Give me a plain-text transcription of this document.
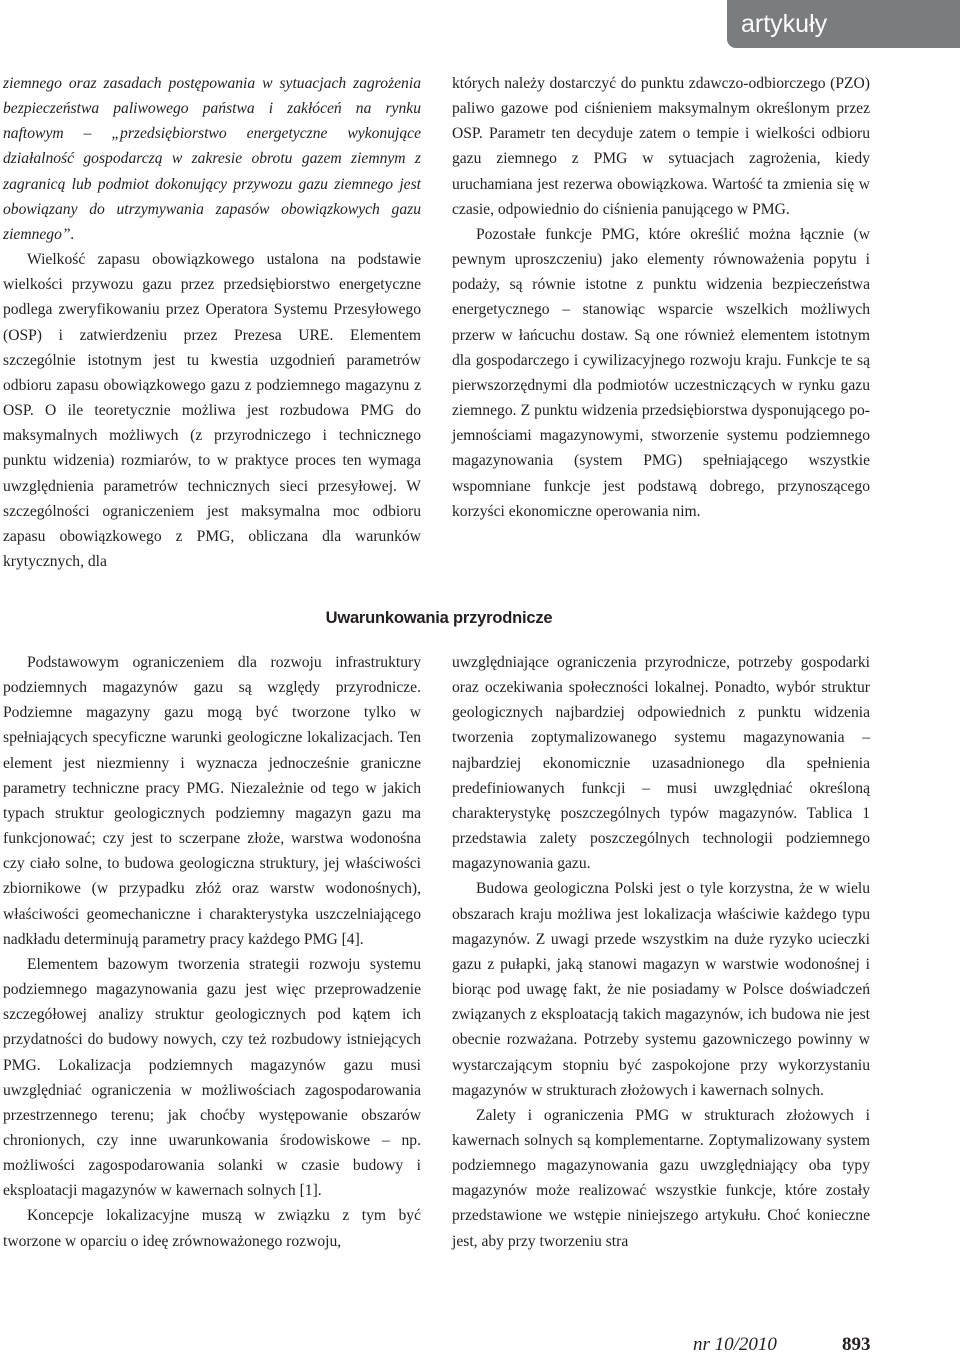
artykuły

ziemnego oraz zasadach postępowania w sytuacjach zagrożenia bezpieczeństwa paliwowego państwa i zakłóceń na rynku naftowym – „przedsiębiorstwo energetyczne wykonujące działalność gospodarczą w zakresie obrotu gazem ziemnym z zagranicą lub podmiot dokonujący przywozu gazu ziemnego jest obowiązany do utrzymywania zapasów obowiązkowych gazu ziemnego”.

Wielkość zapasu obowiązkowego ustalona na podstawie wielkości przywozu gazu przez przedsiębiorstwo energetyczne podlega zweryfikowaniu przez Operatora Systemu Przesyłowego (OSP) i zatwierdzeniu przez Prezesa URE. Elementem szczególnie istotnym jest tu kwestia uzgodnień parametrów odbioru zapasu obowiązkowego gazu z podziemnego magazynu z OSP. O ile teoretycznie możliwa jest rozbudowa PMG do maksymalnych możliwych (z przyrodniczego i technicznego punktu widzenia) rozmiarów, to w praktyce proces ten wymaga uwzględnienia parametrów technicznych sieci przesyłowej. W szczególności ograniczeniem jest maksymalna moc odbioru zapasu obowiązkowego z PMG, obliczana dla warunków krytycznych, dla

których należy dostarczyć do punktu zdawczo-odbiorczego (PZO) paliwo gazowe pod ciśnieniem maksymalnym określonym przez OSP. Parametr ten decyduje zatem o tempie i wielkości odbioru gazu ziemnego z PMG w sytuacjach zagrożenia, kiedy uruchamiana jest rezerwa obowiązkowa. Wartość ta zmienia się w czasie, odpowiednio do ciśnienia panującego w PMG.

Pozostałe funkcje PMG, które określić można łącznie (w pewnym uproszczeniu) jako elementy równoważenia popytu i podaży, są równie istotne z punktu widzenia bezpieczeństwa energetycznego – stanowiąc wsparcie wszelkich możliwych przerw w łańcuchu dostaw. Są one również elementem istotnym dla gospodarczego i cywilizacyjnego rozwoju kraju. Funkcje te są pierwszorzędnymi dla podmiotów uczestniczących w rynku gazu ziemnego. Z punktu widzenia przedsiębiorstwa dysponującego pojemnościami magazynowymi, stworzenie systemu podziemnego magazynowania (system PMG) spełniającego wszystkie wspomniane funkcje jest podstawą dobrego, przynoszącego korzyści ekonomiczne operowania nim.

Uwarunkowania przyrodnicze

Podstawowym ograniczeniem dla rozwoju infrastruktury podziemnych magazynów gazu są względy przyrodnicze. Podziemne magazyny gazu mogą być tworzone tylko w spełniających specyficzne warunki geologiczne lokalizacjach. Ten element jest niezmienny i wyznacza jednocześnie graniczne parametry techniczne pracy PMG. Niezależnie od tego w jakich typach struktur geologicznych podziemny magazyn gazu ma funkcjonować; czy jest to sczerpane złoże, warstwa wodonośna czy ciało solne, to budowa geologiczna struktury, jej właściwości zbiornikowe (w przypadku złóż oraz warstw wodonośnych), właściwości geomechaniczne i charakterystyka uszczelniającego nadkładu determinują parametry pracy każdego PMG [4].

Elementem bazowym tworzenia strategii rozwoju systemu podziemnego magazynowania gazu jest więc przeprowadzenie szczegółowej analizy struktur geologicznych pod kątem ich przydatności do budowy nowych, czy też rozbudowy istniejących PMG. Lokalizacja podziemnych magazynów gazu musi uwzględniać ograniczenia w możliwościach zagospodarowania przestrzennego terenu; jak choćby występowanie obszarów chronionych, czy inne uwarunkowania środowiskowe – np. możliwości zagospodarowania solanki w czasie budowy i eksploatacji magazynów w kawernach solnych [1].

Koncepcje lokalizacyjne muszą w związku z tym być tworzone w oparciu o ideę zrównoważonego rozwoju,

uwzględniające ograniczenia przyrodnicze, potrzeby gospodarki oraz oczekiwania społeczności lokalnej. Ponadto, wybór struktur geologicznych najbardziej odpowiednich z punktu widzenia tworzenia zoptymalizowanego systemu magazynowania – najbardziej ekonomicznie uzasadnionego dla spełnienia predefiniowanych funkcji – musi uwzględniać określoną charakterystykę poszczególnych typów magazynów. Tablica 1 przedstawia zalety poszczególnych technologii podziemnego magazynowania gazu.

Budowa geologiczna Polski jest o tyle korzystna, że w wielu obszarach kraju możliwa jest lokalizacja właściwie każdego typu magazynów. Z uwagi przede wszystkim na duże ryzyko ucieczki gazu z pułapki, jaką stanowi magazyn w warstwie wodonośnej i biorąc pod uwagę fakt, że nie posiadamy w Polsce doświadczeń związanych z eksploatacją takich magazynów, ich budowa nie jest obecnie rozważana. Potrzeby systemu gazowniczego powinny w wystarczającym stopniu być zaspokojone przy wykorzystaniu magazynów w strukturach złożowych i kawernach solnych.

Zalety i ograniczenia PMG w strukturach złożowych i kawernach solnych są komplementarne. Zoptymalizowany system podziemnego magazynowania gazu uwzględniający oba typy magazynów może realizować wszystkie funkcje, które zostały przedstawione we wstępie niniejszego artykułu. Choć konieczne jest, aby przy tworzeniu stra

nr 10/2010	893
